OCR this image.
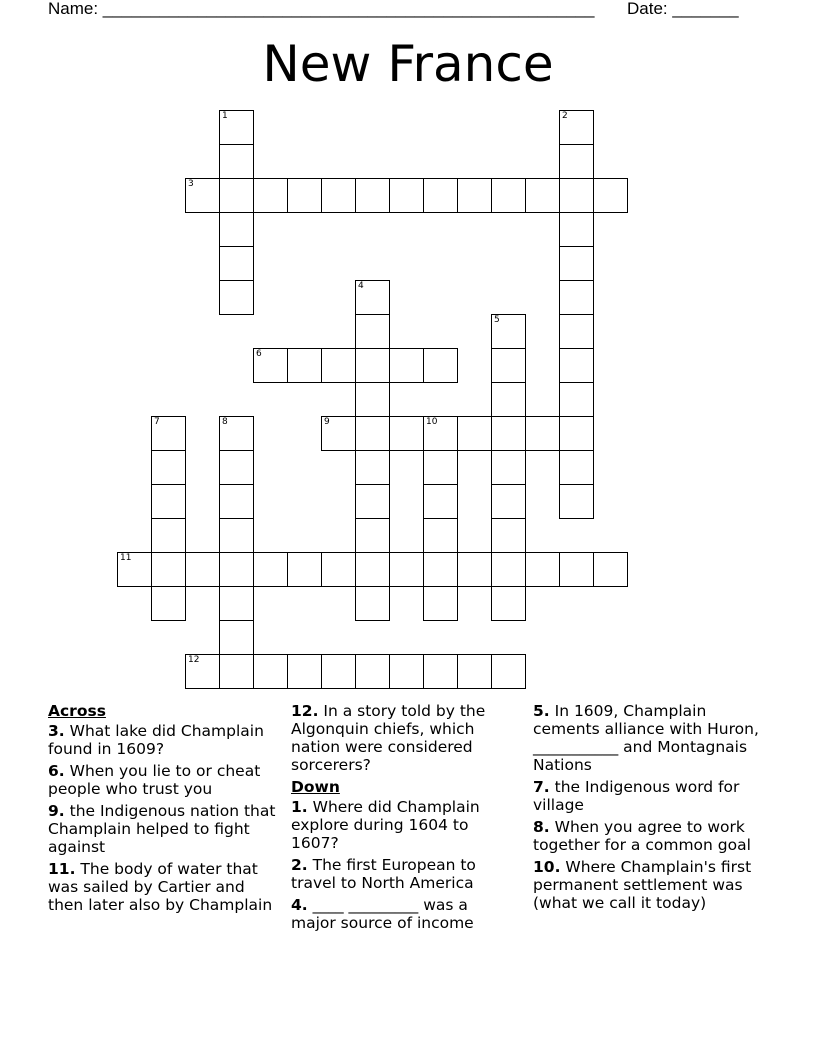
Name: ____________________________________________________ Date: _______
New France
1	2
3
4
5
6
7	8	9	10
11
12
Across
3. What lake did Champlain found in 1609?
6. When you lie to or cheat people who trust you
9. the Indigenous nation that Champlain helped to fight against
11. The body of water that was sailed by Cartier and then later also by Champlain
12. In a story told by the Algonquin chiefs, which nation were considered sorcerers?
Down
1. Where did Champlain explore during 1604 to 1607?
2. The first European to travel to North America
4. ____ _________ was a major source of income
5. In 1609, Champlain cements alliance with Huron, ___________ and Montagnais Nations
7. the Indigenous word for village
8. When you agree to work together for a common goal
10. Where Champlain's first permanent settlement was (what we call it today)
